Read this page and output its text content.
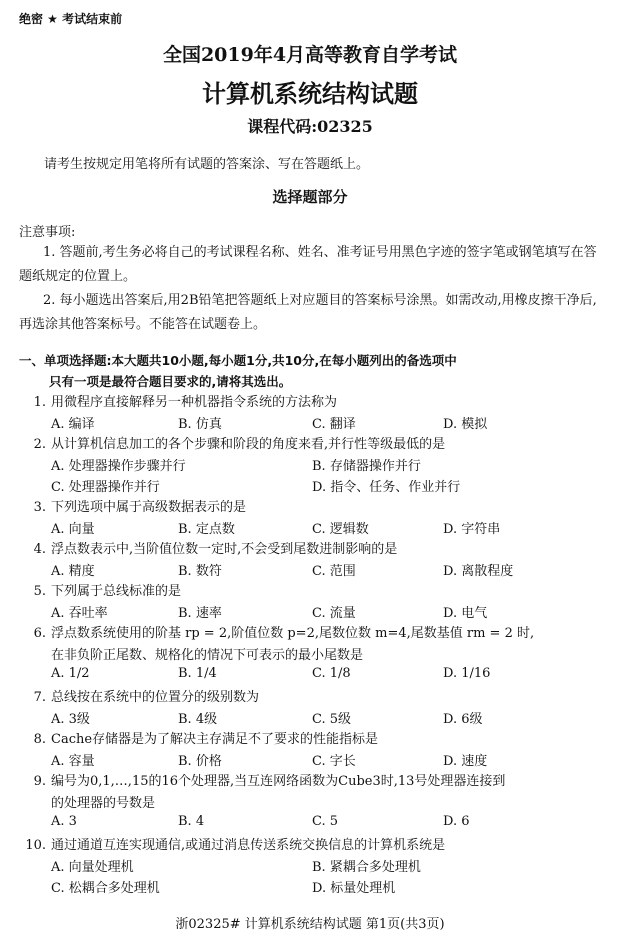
绝密 ★ 考试结束前
全国2019年4月高等教育自学考试
计算机系统结构试题
课程代码:02325
请考生按规定用笔将所有试题的答案涂、写在答题纸上。
选择题部分
注意事项:

1. 答题前,考生务必将自己的考试课程名称、姓名、准考证号用黑色字迹的签字笔或钢笔填写在答题纸规定的位置上。

2. 每小题选出答案后,用2B铅笔把答题纸上对应题目的答案标号涂黑。如需改动,用橡皮擦干净后,再选涂其他答案标号。不能答在试题卷上。

一、单项选择题:本大题共10小题,每小题1分,共10分,在每小题列出的备选项中
只有一项是最符合题目要求的,请将其选出。
1. 用微程序直接解释另一种机器指令系统的方法称为
A. 编译	B. 仿真	C. 翻译	D. 模拟
2. 从计算机信息加工的各个步骤和阶段的角度来看,并行性等级最低的是
A. 处理器操作步骤并行	B. 存储器操作并行
C. 处理器操作并行	D. 指令、任务、作业并行
3. 下列选项中属于高级数据表示的是
A. 向量	B. 定点数	C. 逻辑数	D. 字符串
4. 浮点数表示中,当阶值位数一定时,不会受到尾数进制影响的是
A. 精度	B. 数符	C. 范围	D. 离散程度
5. 下列属于总线标准的是
A. 吞吐率	B. 速率	C. 流量	D. 电气
6. 浮点数系统使用的阶基 rp = 2,阶值位数 p=2,尾数位数 m=4,尾数基值 rm = 2 时,
在非负阶正尾数、规格化的情况下可表示的最小尾数是
A. 1/2	B. 1/4	C. 1/8	D. 1/16
7. 总线按在系统中的位置分的级别数为
A. 3级	B. 4级	C. 5级	D. 6级
8. Cache存储器是为了解决主存满足不了要求的性能指标是
A. 容量	B. 价格	C. 字长	D. 速度
9. 编号为0,1,…,15的16个处理器,当互连网络函数为Cube3时,13号处理器连接到
的处理器的号数是
A. 3	B. 4	C. 5	D. 6
10. 通过通道互连实现通信,或通过消息传送系统交换信息的计算机系统是
A. 向量处理机	B. 紧耦合多处理机
C. 松耦合多处理机	D. 标量处理机
浙02325# 计算机系统结构试题 第1页(共3页)
